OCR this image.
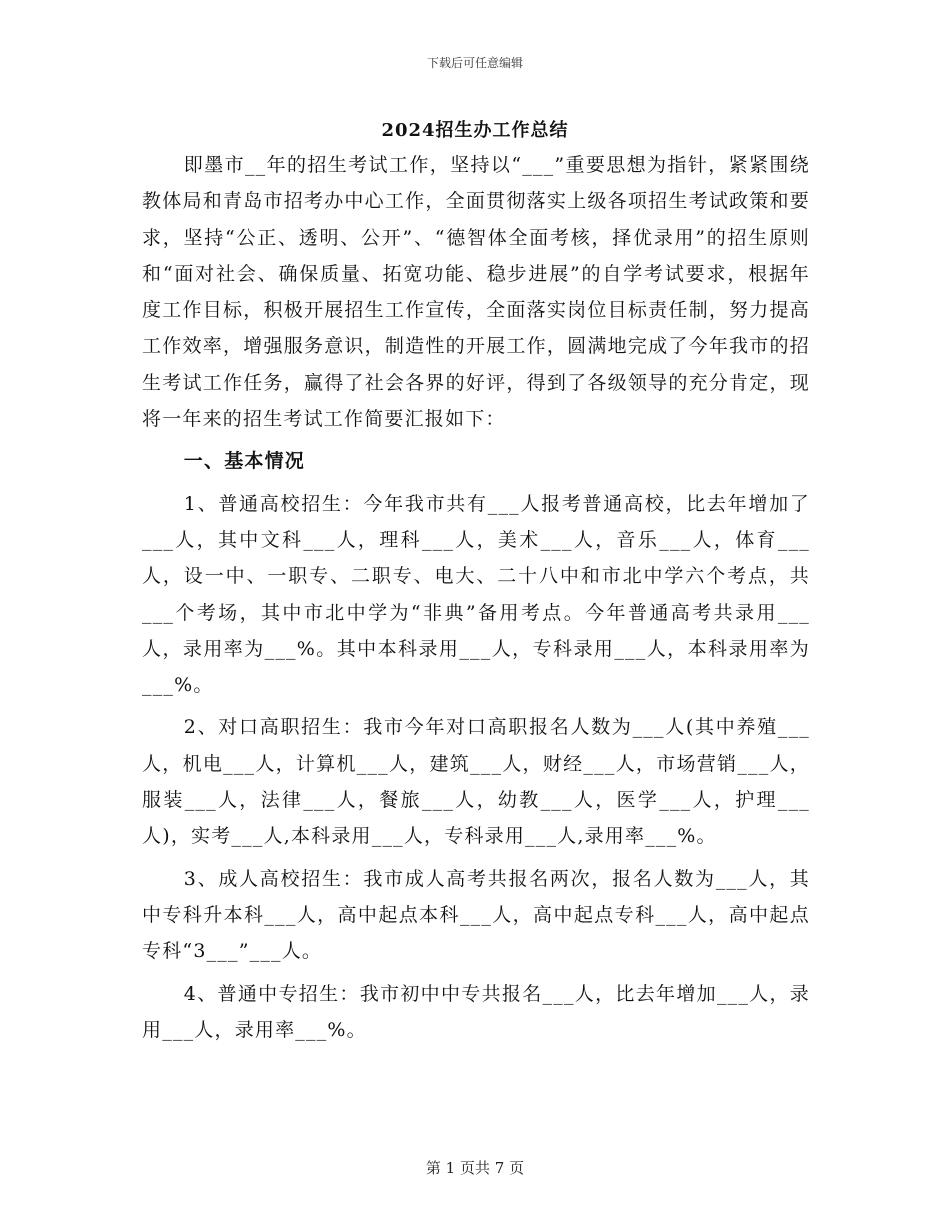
下载后可任意编辑
2024招生办工作总结

即墨市__年的招生考试工作，坚持以“___”重要思想为指针，紧紧围绕教体局和青岛市招考办中心工作，全面贯彻落实上级各项招生考试政策和要求，坚持“公正、透明、公开”、“德智体全面考核，择优录用”的招生原则和“面对社会、确保质量、拓宽功能、稳步进展”的自学考试要求，根据年度工作目标，积极开展招生工作宣传，全面落实岗位目标责任制，努力提高工作效率，增强服务意识，制造性的开展工作，圆满地完成了今年我市的招生考试工作任务，赢得了社会各界的好评，得到了各级领导的充分肯定，现将一年来的招生考试工作简要汇报如下：

一、基本情况

1、普通高校招生：今年我市共有___人报考普通高校，比去年增加了___人，其中文科___人，理科___人，美术___人，音乐___人，体育___人，设一中、一职专、二职专、电大、二十八中和市北中学六个考点，共___个考场，其中市北中学为“非典”备用考点。今年普通高考共录用___人，录用率为___%。其中本科录用___人，专科录用___人，本科录用率为___%。

2、对口高职招生：我市今年对口高职报名人数为___人(其中养殖___人，机电___人，计算机___人，建筑___人，财经___人，市场营销___人，服装___人，法律___人，餐旅___人，幼教___人，医学___人，护理___人)，实考___人,本科录用___人，专科录用___人,录用率___%。

3、成人高校招生：我市成人高考共报名两次，报名人数为___人，其中专科升本科___人，高中起点本科___人，高中起点专科___人，高中起点专科“3___”___人。

4、普通中专招生：我市初中中专共报名___人，比去年增加___人，录用___人，录用率___%。

第 1 页共 7 页
